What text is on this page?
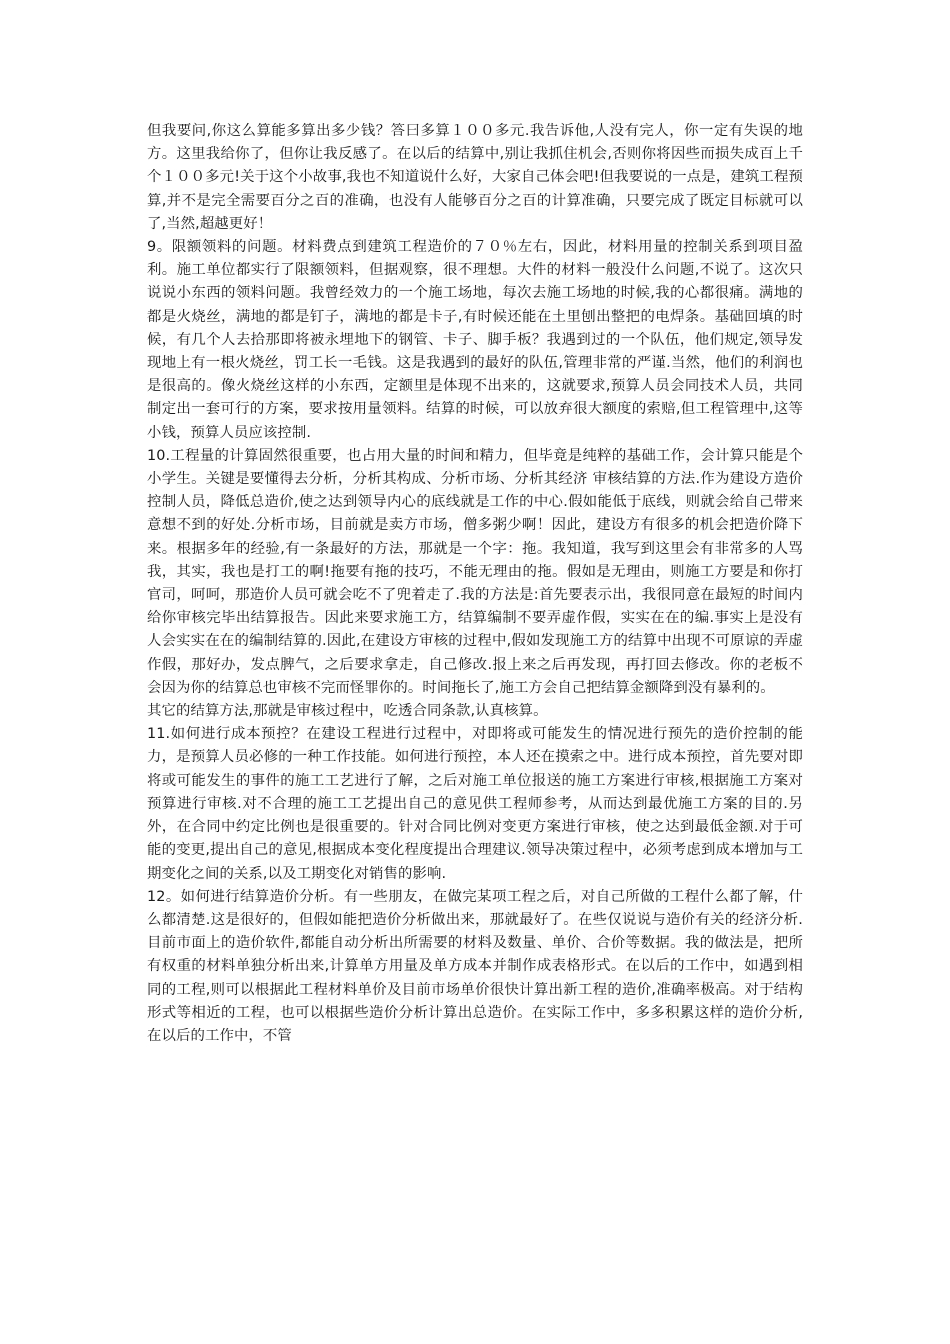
但我要问,你这么算能多算出多少钱？答曰多算１００多元.我告诉他,人没有完人，你一定有失误的地方。这里我给你了，但你让我反感了。在以后的结算中,别让我抓住机会,否则你将因些而损失成百上千个１００多元!关于这个小故事,我也不知道说什么好，大家自己体会吧!但我要说的一点是，建筑工程预算,并不是完全需要百分之百的准确，也没有人能够百分之百的计算准确，只要完成了既定目标就可以了,当然,超越更好！

9。限额领料的问题。材料费点到建筑工程造价的７０％左右，因此，材料用量的控制关系到项目盈利。施工单位都实行了限额领料，但据观察，很不理想。大件的材料一般没什么问题,不说了。这次只说说小东西的领料问题。我曾经效力的一个施工场地，每次去施工场地的时候,我的心都很痛。满地的都是火烧丝，满地的都是钉子，满地的都是卡子,有时候还能在土里刨出整把的电焊条。基础回填的时候，有几个人去拾那即将被永埋地下的钢管、卡子、脚手板？我遇到过的一个队伍，他们规定,领导发现地上有一根火烧丝，罚工长一毛钱。这是我遇到的最好的队伍,管理非常的严谨.当然，他们的利润也是很高的。像火烧丝这样的小东西，定额里是体现不出来的，这就要求,预算人员会同技术人员，共同制定出一套可行的方案，要求按用量领料。结算的时候，可以放弃很大额度的索赔,但工程管理中,这等小钱，预算人员应该控制.

10.工程量的计算固然很重要，也占用大量的时间和精力，但毕竟是纯粹的基础工作，会计算只能是个小学生。关键是要懂得去分析，分析其构成、分析市场、分析其经济 审核结算的方法.作为建设方造价控制人员，降低总造价,使之达到领导内心的底线就是工作的中心.假如能低于底线，则就会给自己带来意想不到的好处.分析市场，目前就是卖方市场，僧多粥少啊！因此，建设方有很多的机会把造价降下来。根据多年的经验,有一条最好的方法，那就是一个字：拖。我知道，我写到这里会有非常多的人骂我，其实，我也是打工的啊!拖要有拖的技巧，不能无理由的拖。假如是无理由，则施工方要是和你打官司，呵呵，那造价人员可就会吃不了兜着走了.我的方法是:首先要表示出，我很同意在最短的时间内给你审核完毕出结算报告。因此来要求施工方，结算编制不要弄虚作假，实实在在的编.事实上是没有人会实实在在的编制结算的.因此,在建设方审核的过程中,假如发现施工方的结算中出现不可原谅的弄虚作假，那好办，发点脾气，之后要求拿走，自己修改.报上来之后再发现，再打回去修改。你的老板不会因为你的结算总也审核不完而怪罪你的。时间拖长了,施工方会自己把结算金额降到没有暴利的。

其它的结算方法,那就是审核过程中，吃透合同条款,认真核算。

11.如何进行成本预控？在建设工程进行过程中，对即将或可能发生的情况进行预先的造价控制的能力，是预算人员必修的一种工作技能。如何进行预控，本人还在摸索之中。进行成本预控，首先要对即将或可能发生的事件的施工工艺进行了解，之后对施工单位报送的施工方案进行审核,根据施工方案对预算进行审核.对不合理的施工工艺提出自己的意见供工程师参考，从而达到最优施工方案的目的.另外，在合同中约定比例也是很重要的。针对合同比例对变更方案进行审核，使之达到最低金额.对于可能的变更,提出自己的意见,根据成本变化程度提出合理建议.领导决策过程中，必须考虑到成本增加与工期变化之间的关系,以及工期变化对销售的影响.

12。如何进行结算造价分析。有一些朋友，在做完某项工程之后，对自己所做的工程什么都了解，什么都清楚.这是很好的，但假如能把造价分析做出来，那就最好了。在些仅说说与造价有关的经济分析.目前市面上的造价软件,都能自动分析出所需要的材料及数量、单价、合价等数据。我的做法是，把所有权重的材料单独分析出来,计算单方用量及单方成本并制作成表格形式。在以后的工作中，如遇到相同的工程,则可以根据此工程材料单价及目前市场单价很快计算出新工程的造价,准确率极高。对于结构形式等相近的工程，也可以根据些造价分析计算出总造价。在实际工作中，多多积累这样的造价分析,在以后的工作中，不管
